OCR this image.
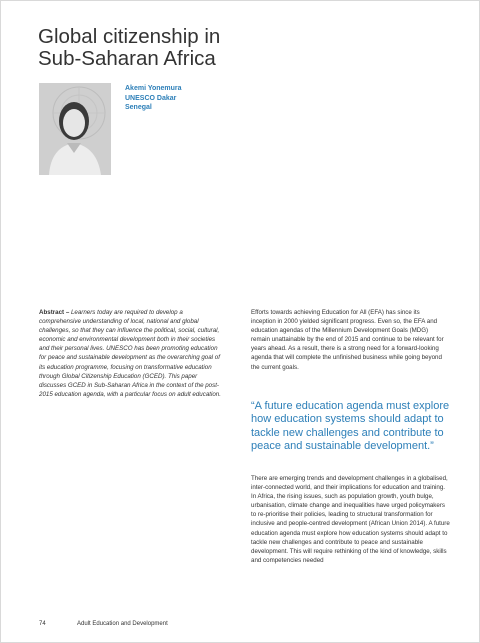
Global citizenship in
Sub-Saharan Africa
Akemi Yonemura
UNESCO Dakar
Senegal
Abstract – Learners today are required to develop a comprehensive understanding of local, national and global challenges, so that they can influence the political, social, cultural, economic and environmental development both in their societies and their personal lives. UNESCO has been promoting education for peace and sustainable development as the overarching goal of its education programme, focusing on transformative education through Global Citizenship Education (GCED). This paper discusses GCED in Sub-Saharan Africa in the context of the post-2015 education agenda, with a particular focus on adult education.
Efforts towards achieving Education for All (EFA) has since its inception in 2000 yielded significant progress. Even so, the EFA and education agendas of the Millennium Development Goals (MDG) remain unattainable by the end of 2015 and continue to be relevant for years ahead. As a result, there is a strong need for a forward-looking agenda that will complete the unfinished business while going beyond the current goals.
“A future education agenda must explore how education systems should adapt to tackle new challenges and contribute to peace and sustainable development.”
There are emerging trends and development challenges in a globalised, inter-connected world, and their implications for education and training. In Africa, the rising issues, such as population growth, youth bulge, urbanisation, climate change and inequalities have urged policymakers to re-prioritise their policies, leading to structural transformation for inclusive and people-centred development (African Union 2014). A future education agenda must explore how education systems should adapt to tackle new challenges and contribute to peace and sustainable development. This will require rethinking of the kind of knowledge, skills and competencies needed
74	Adult Education and Development
